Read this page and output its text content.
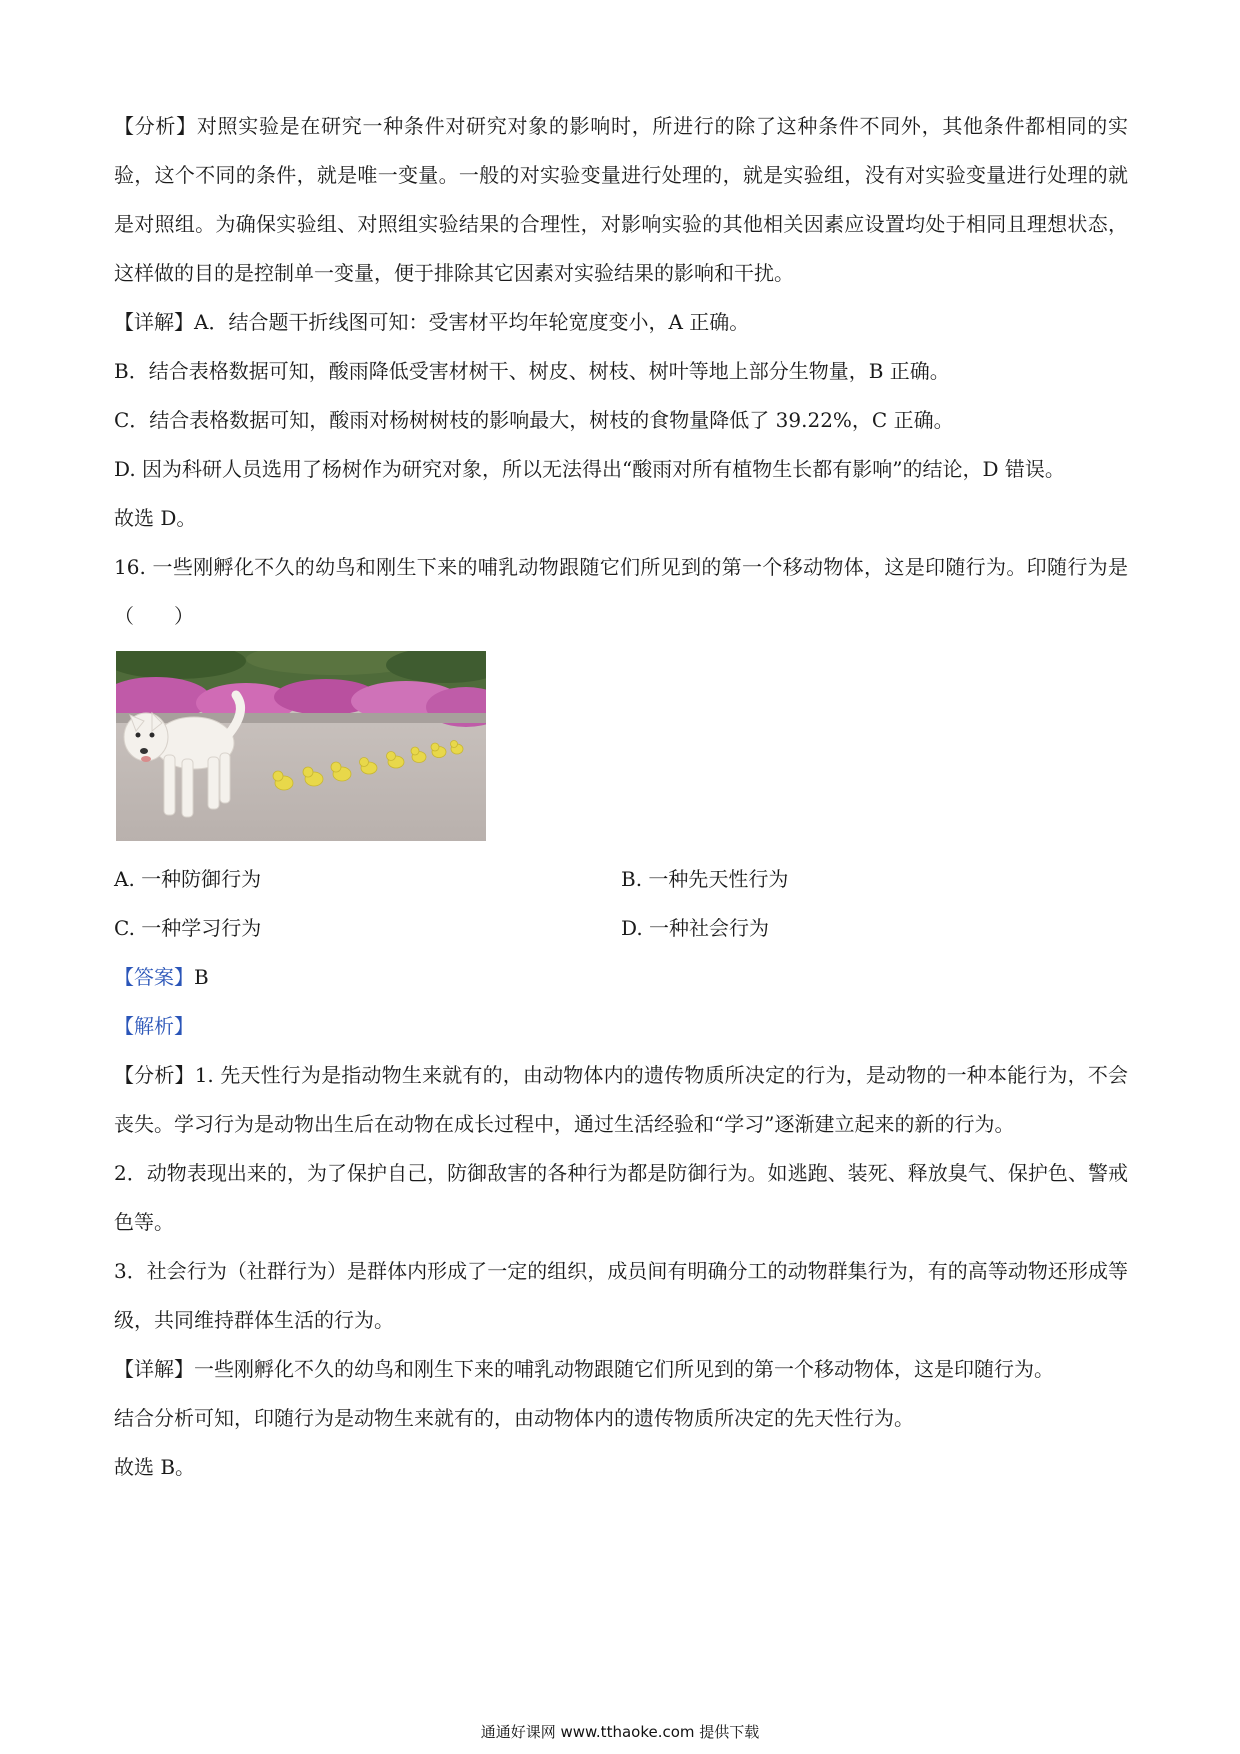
【分析】对照实验是在研究一种条件对研究对象的影响时，所进行的除了这种条件不同外，其他条件都相同的实验，这个不同的条件，就是唯一变量。一般的对实验变量进行处理的，就是实验组，没有对实验变量进行处理的就是对照组。为确保实验组、对照组实验结果的合理性，对影响实验的其他相关因素应设置均处于相同且理想状态，这样做的目的是控制单一变量，便于排除其它因素对实验结果的影响和干扰。

【详解】A．结合题干折线图可知：受害材平均年轮宽度变小，A 正确。

B．结合表格数据可知，酸雨降低受害材树干、树皮、树枝、树叶等地上部分生物量，B 正确。

C．结合表格数据可知，酸雨对杨树树枝的影响最大，树枝的食物量降低了 39.22%，C 正确。

D. 因为科研人员选用了杨树作为研究对象，所以无法得出“酸雨对所有植物生长都有影响”的结论，D 错误。

故选 D。

16. 一些刚孵化不久的幼鸟和刚生下来的哺乳动物跟随它们所见到的第一个移动物体，这是印随行为。印随行为是（　　）

A. 一种防御行为	B. 一种先天性行为
C. 一种学习行为	D. 一种社会行为

【答案】B

【解析】

【分析】1. 先天性行为是指动物生来就有的，由动物体内的遗传物质所决定的行为，是动物的一种本能行为，不会丧失。学习行为是动物出生后在动物在成长过程中，通过生活经验和“学习”逐渐建立起来的新的行为。

2．动物表现出来的，为了保护自己，防御敌害的各种行为都是防御行为。如逃跑、装死、释放臭气、保护色、警戒色等。

3．社会行为（社群行为）是群体内形成了一定的组织，成员间有明确分工的动物群集行为，有的高等动物还形成等级，共同维持群体生活的行为。

【详解】一些刚孵化不久的幼鸟和刚生下来的哺乳动物跟随它们所见到的第一个移动物体，这是印随行为。

结合分析可知，印随行为是动物生来就有的，由动物体内的遗传物质所决定的先天性行为。

故选 B。

通通好课网 www.tthaoke.com 提供下载
